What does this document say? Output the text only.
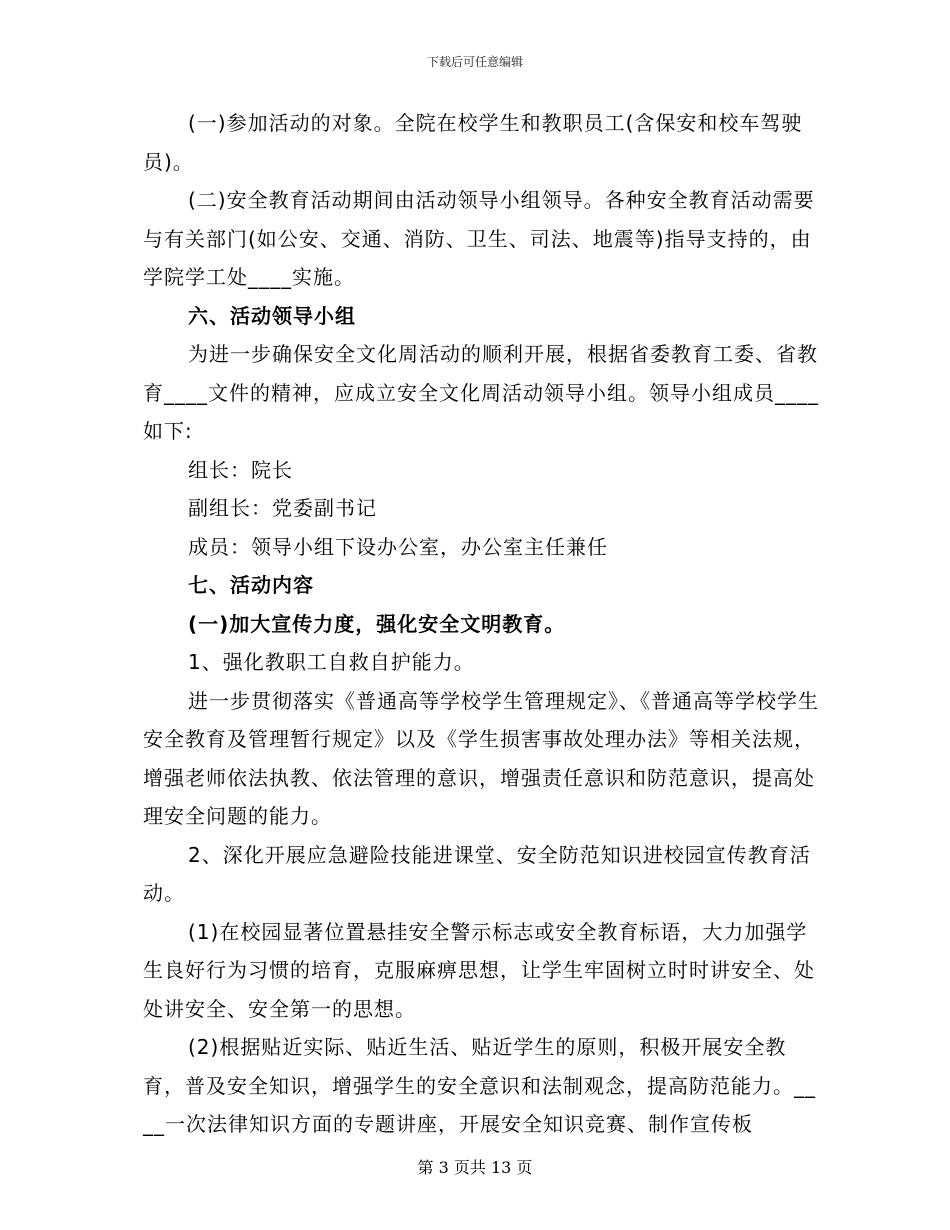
下载后可任意编辑

(一)参加活动的对象。全院在校学生和教职员工(含保安和校车驾驶员)。

(二)安全教育活动期间由活动领导小组领导。各种安全教育活动需要与有关部门(如公安、交通、消防、卫生、司法、地震等)指导支持的，由学院学工处____实施。

六、活动领导小组

为进一步确保安全文化周活动的顺利开展，根据省委教育工委、省教育____文件的精神，应成立安全文化周活动领导小组。领导小组成员____如下:

组长：院长

副组长：党委副书记

成员：领导小组下设办公室，办公室主任兼任

七、活动内容

(一)加大宣传力度，强化安全文明教育。

1、强化教职工自救自护能力。

进一步贯彻落实《普通高等学校学生管理规定》、《普通高等学校学生安全教育及管理暂行规定》以及《学生损害事故处理办法》等相关法规，增强老师依法执教、依法管理的意识，增强责任意识和防范意识，提高处理安全问题的能力。

2、深化开展应急避险技能进课堂、安全防范知识进校园宣传教育活动。

(1)在校园显著位置悬挂安全警示标志或安全教育标语，大力加强学生良好行为习惯的培育，克服麻痹思想，让学生牢固树立时时讲安全、处处讲安全、安全第一的思想。

(2)根据贴近实际、贴近生活、贴近学生的原则，积极开展安全教育，普及安全知识，增强学生的安全意识和法制观念，提高防范能力。____一次法律知识方面的专题讲座，开展安全知识竞赛、制作宣传板

第 3 页共 13 页
